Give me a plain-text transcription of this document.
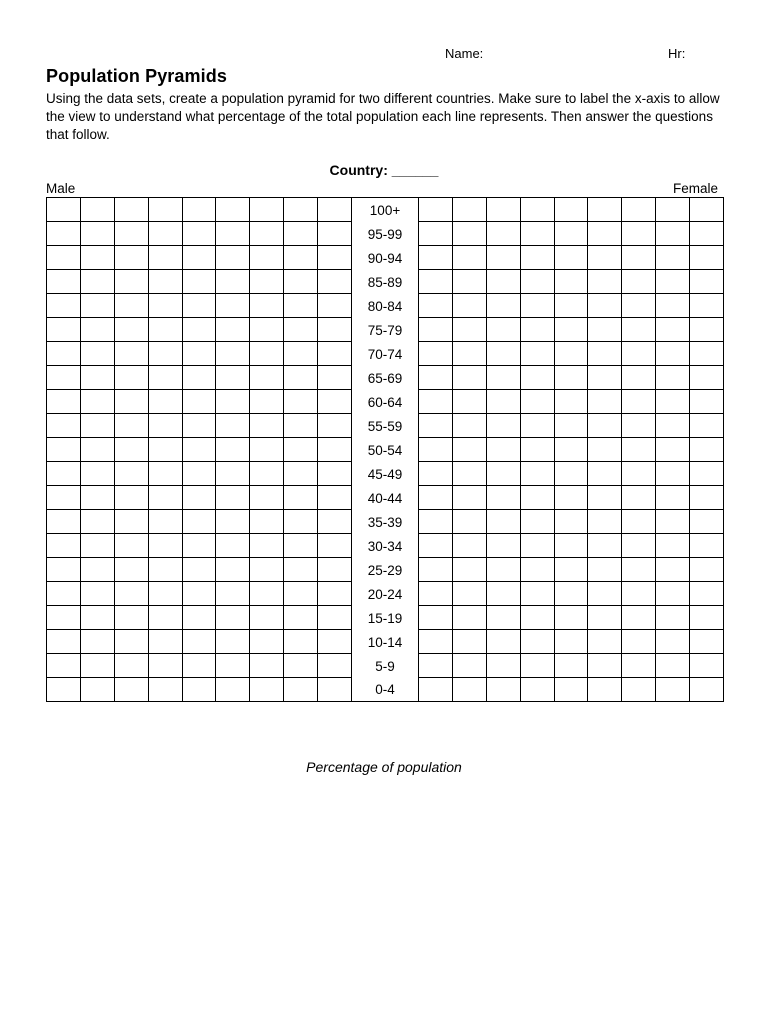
Name:	Hr:
Population Pyramids

Using the data sets, create a population pyramid for two different countries. Make sure to label the x-axis to allow the view to understand what percentage of the total population each line represents. Then answer the questions that follow.

Country: ______
Male	Female
									100+									
									95-99									
									90-94									
									85-89									
									80-84									
									75-79									
									70-74									
									65-69									
									60-64									
									55-59									
									50-54									
									45-49									
									40-44									
									35-39									
									30-34									
									25-29									
									20-24									
									15-19									
									10-14									
									5-9									
									0-4									
Percentage of population
